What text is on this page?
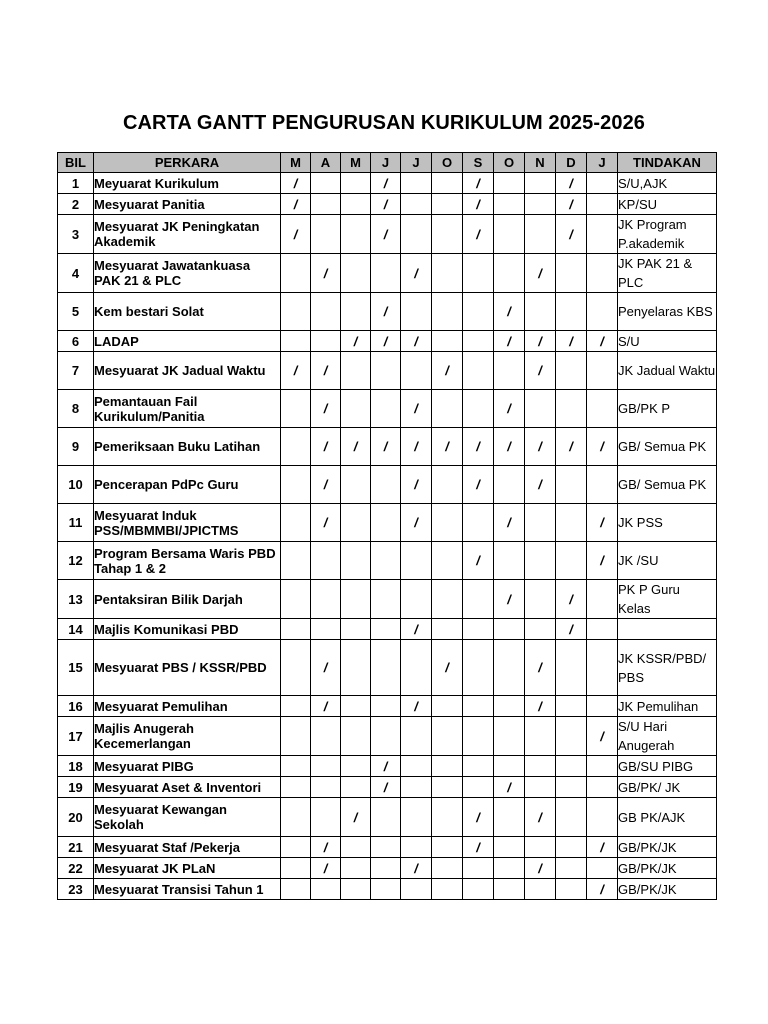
CARTA GANTT PENGURUSAN KURIKULUM 2025-2026
BIL	PERKARA	M	A	M	J	J	O	S	O	N	D	J	TINDAKAN
1	Meyuarat Kurikulum	/			/			/			/		S/U,AJK
2	Mesyuarat Panitia	/			/			/			/		KP/SU
3	Mesyuarat JK Peningkatan Akademik	/			/			/			/		JK Program P.akademik
4	Mesyuarat Jawatankuasa PAK 21 & PLC		/			/				/			JK PAK 21 & PLC
5	Kem bestari Solat				/				/				Penyelaras KBS
6	LADAP			/	/	/			/	/	/	/	S/U
7	Mesyuarat JK Jadual Waktu	/	/				/			/			JK Jadual Waktu
8	Pemantauan Fail Kurikulum/Panitia		/			/			/				GB/PK P
9	Pemeriksaan Buku Latihan		/	/	/	/	/	/	/	/	/	/	GB/ Semua PK
10	Pencerapan PdPc Guru		/			/		/		/			GB/ Semua PK
11	Mesyuarat Induk PSS/MBMMBI/JPICTMS		/			/			/			/	JK PSS
12	Program Bersama Waris PBD Tahap 1 & 2							/				/	JK /SU
13	Pentaksiran Bilik Darjah								/		/		PK P Guru Kelas
14	Majlis Komunikasi PBD					/					/		
15	Mesyuarat PBS / KSSR/PBD		/				/			/			JK KSSR/PBD/ PBS
16	Mesyuarat Pemulihan		/			/				/			JK Pemulihan
17	Majlis Anugerah Kecemerlangan											/	S/U Hari Anugerah
18	Mesyuarat PIBG				/								GB/SU PIBG
19	Mesyuarat Aset & Inventori				/				/				GB/PK/ JK
20	Mesyuarat Kewangan Sekolah			/				/		/			GB PK/AJK
21	Mesyuarat Staf /Pekerja		/					/				/	GB/PK/JK
22	Mesyuarat JK PLaN		/			/				/			GB/PK/JK
23	Mesyuarat Transisi Tahun 1											/	GB/PK/JK
